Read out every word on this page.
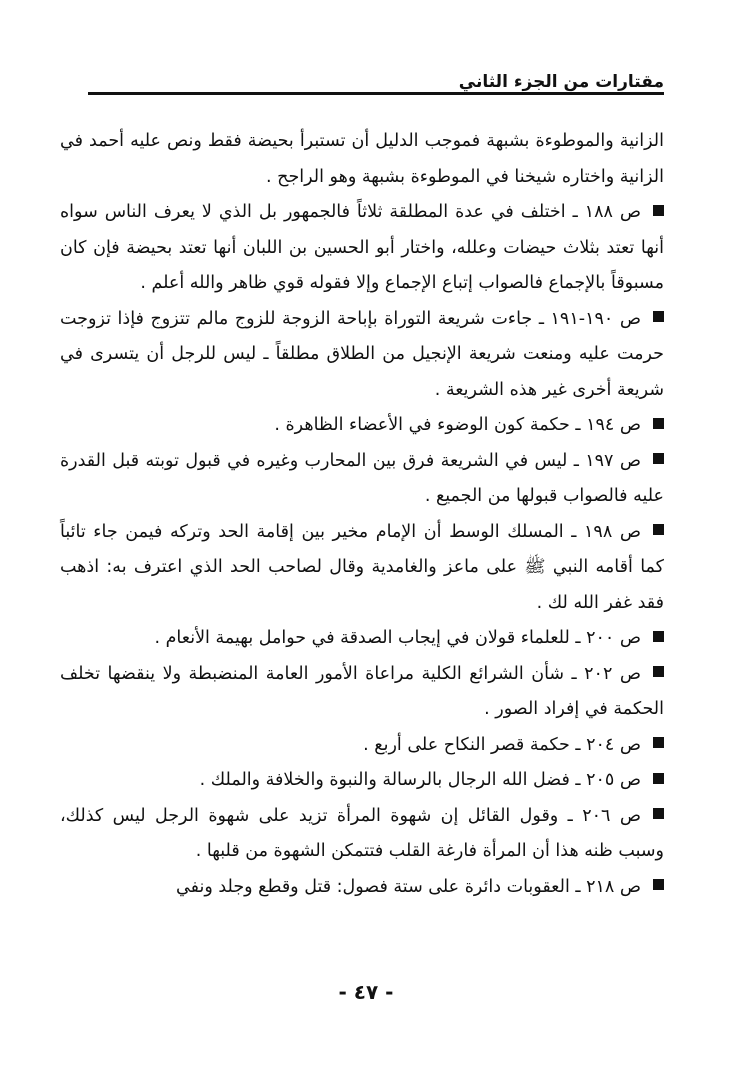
مقتارات من الجزء الثاني

الزانية والموطوءة بشبهة فموجب الدليل أن تستبرأ بحيضة فقط ونص عليه أحمد في الزانية واختاره شيخنا في الموطوءة بشبهة وهو الراجح .

ص ١٨٨ ـ اختلف في عدة المطلقة ثلاثاً فالجمهور بل الذي لا يعرف الناس سواه أنها تعتد بثلاث حيضات وعلله، واختار أبو الحسين بن اللبان أنها تعتد بحيضة فإن كان مسبوقاً بالإجماع فالصواب إتباع الإجماع وإلا فقوله قوي ظاهر والله أعلم .

ص ١٩٠-١٩١ ـ جاءت شريعة التوراة بإباحة الزوجة للزوج مالم تتزوج فإذا تزوجت حرمت عليه ومنعت شريعة الإنجيل من الطلاق مطلقاً ـ ليس للرجل أن يتسرى في شريعة أخرى غير هذه الشريعة .

ص ١٩٤ ـ حكمة كون الوضوء في الأعضاء الظاهرة .

ص ١٩٧ ـ ليس في الشريعة فرق بين المحارب وغيره في قبول توبته قبل القدرة عليه فالصواب قبولها من الجميع .

ص ١٩٨ ـ المسلك الوسط أن الإمام مخير بين إقامة الحد وتركه فيمن جاء تائباً كما أقامه النبي ﷺ على ماعز والغامدية وقال لصاحب الحد الذي اعترف به: اذهب فقد غفر الله لك .

ص ٢٠٠ ـ للعلماء قولان في إيجاب الصدقة في حوامل بهيمة الأنعام .

ص ٢٠٢ ـ شأن الشرائع الكلية مراعاة الأمور العامة المنضبطة ولا ينقضها تخلف الحكمة في إفراد الصور .

ص ٢٠٤ ـ حكمة قصر النكاح على أربع .

ص ٢٠٥ ـ فضل الله الرجال بالرسالة والنبوة والخلافة والملك .

ص ٢٠٦ ـ وقول القائل إن شهوة المرأة تزيد على شهوة الرجل ليس كذلك، وسبب ظنه هذا أن المرأة فارغة القلب فتتمكن الشهوة من قلبها .

ص ٢١٨ ـ العقوبات دائرة على ستة فصول: قتل وقطع وجلد ونفي

- ٤٧ -
